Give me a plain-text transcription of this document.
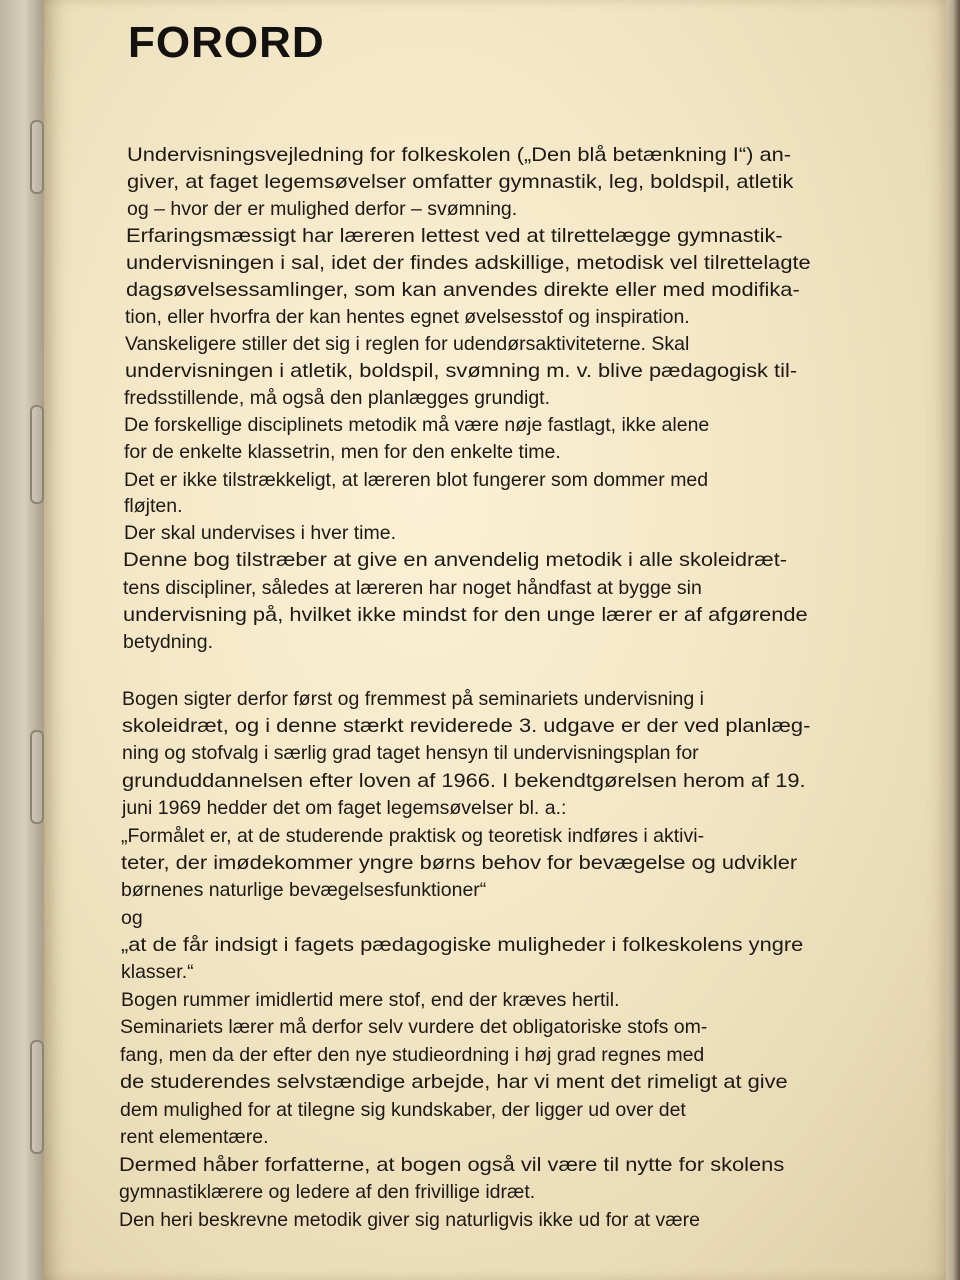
FORORD

Undervisningsvejledning for folkeskolen („Den blå betænkning I“) an-

giver, at faget legemsøvelser omfatter gymnastik, leg, boldspil, atletik

og – hvor der er mulighed derfor – svømning.

Erfaringsmæssigt har læreren lettest ved at tilrettelægge gymnastik-

undervisningen i sal, idet der findes adskillige, metodisk vel tilrettelagte

dagsøvelsessamlinger, som kan anvendes direkte eller med modifika-

tion, eller hvorfra der kan hentes egnet øvelsesstof og inspiration.

Vanskeligere stiller det sig i reglen for udendørsaktiviteterne. Skal

undervisningen i atletik, boldspil, svømning m. v. blive pædagogisk til-

fredsstillende, må også den planlægges grundigt.

De forskellige disciplinets metodik må være nøje fastlagt, ikke alene

for de enkelte klassetrin, men for den enkelte time.

Det er ikke tilstrækkeligt, at læreren blot fungerer som dommer med

fløjten.

Der skal undervises i hver time.

Denne bog tilstræber at give en anvendelig metodik i alle skoleidræt-

tens discipliner, således at læreren har noget håndfast at bygge sin

undervisning på, hvilket ikke mindst for den unge lærer er af afgørende

betydning.

Bogen sigter derfor først og fremmest på seminariets undervisning i

skoleidræt, og i denne stærkt reviderede 3. udgave er der ved planlæg-

ning og stofvalg i særlig grad taget hensyn til undervisningsplan for

grunduddannelsen efter loven af 1966. I bekendtgørelsen herom af 19.

juni 1969 hedder det om faget legemsøvelser bl. a.:

„Formålet er, at de studerende praktisk og teoretisk indføres i aktivi-

teter, der imødekommer yngre børns behov for bevægelse og udvikler

børnenes naturlige bevægelsesfunktioner“

og

„at de får indsigt i fagets pædagogiske muligheder i folkeskolens yngre

klasser.“

Bogen rummer imidlertid mere stof, end der kræves hertil.

Seminariets lærer må derfor selv vurdere det obligatoriske stofs om-

fang, men da der efter den nye studieordning i høj grad regnes med

de studerendes selvstændige arbejde, har vi ment det rimeligt at give

dem mulighed for at tilegne sig kundskaber, der ligger ud over det

rent elementære.

Dermed håber forfatterne, at bogen også vil være til nytte for skolens

gymnastiklærere og ledere af den frivillige idræt.

Den heri beskrevne metodik giver sig naturligvis ikke ud for at være
